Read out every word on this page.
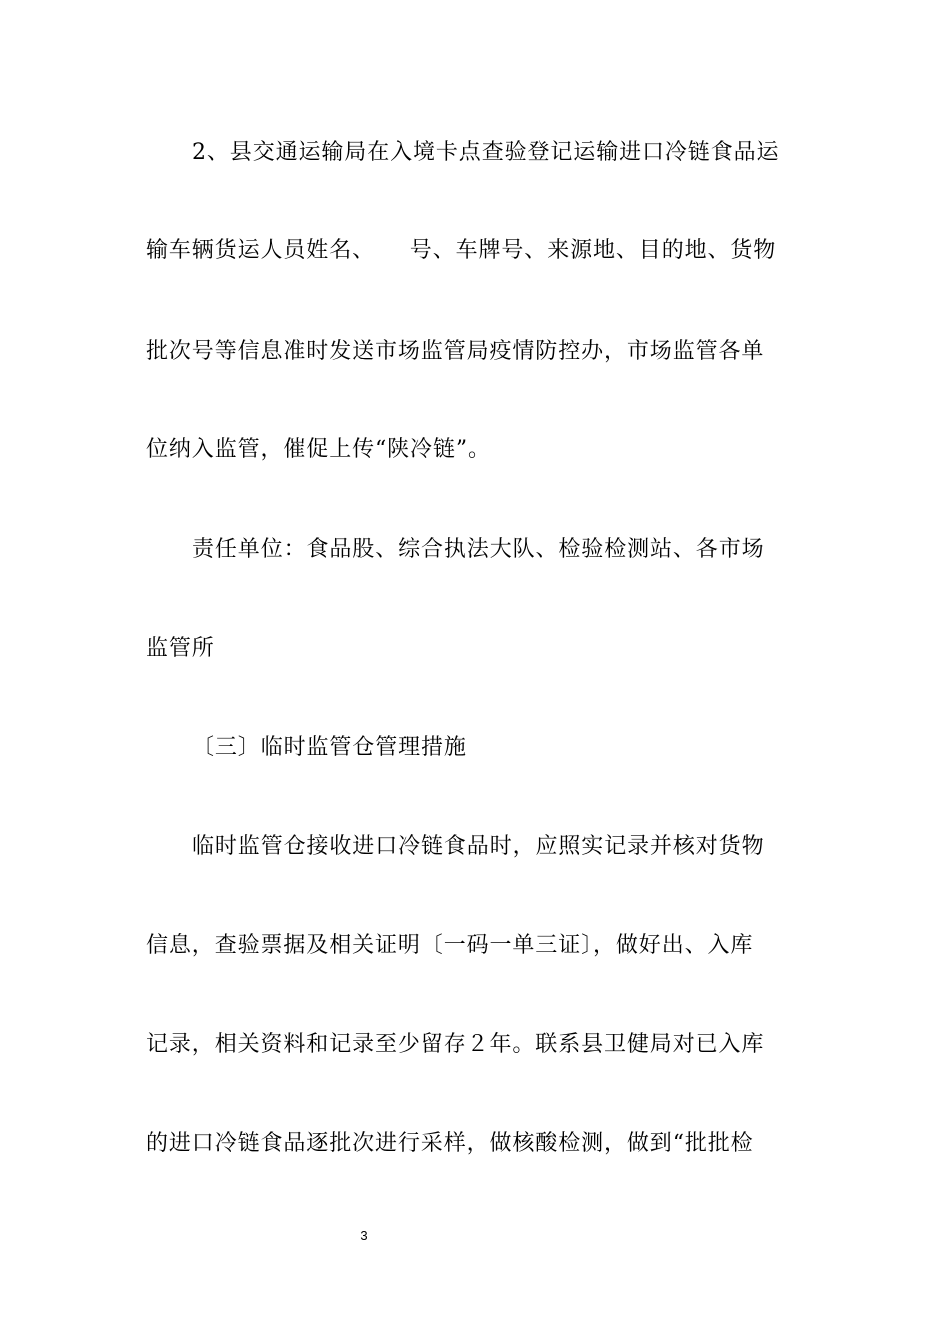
2、县交通运输局在入境卡点查验登记运输进口冷链食品运
输车辆货运人员姓名、　　号、车牌号、来源地、目的地、货物
批次号等信息准时发送市场监管局疫情防控办，市场监管各单
位纳入监管，催促上传“陕冷链”。
责任单位：食品股、综合执法大队、检验检测站、各市场
监管所
〔三〕临时监管仓管理措施
临时监管仓接收进口冷链食品时，应照实记录并核对货物
信息，查验票据及相关证明〔一码一单三证〕，做好出、入库
记录，相关资料和记录至少留存２年。联系县卫健局对已入库
的进口冷链食品逐批次进行采样，做核酸检测，做到“批批检
3
